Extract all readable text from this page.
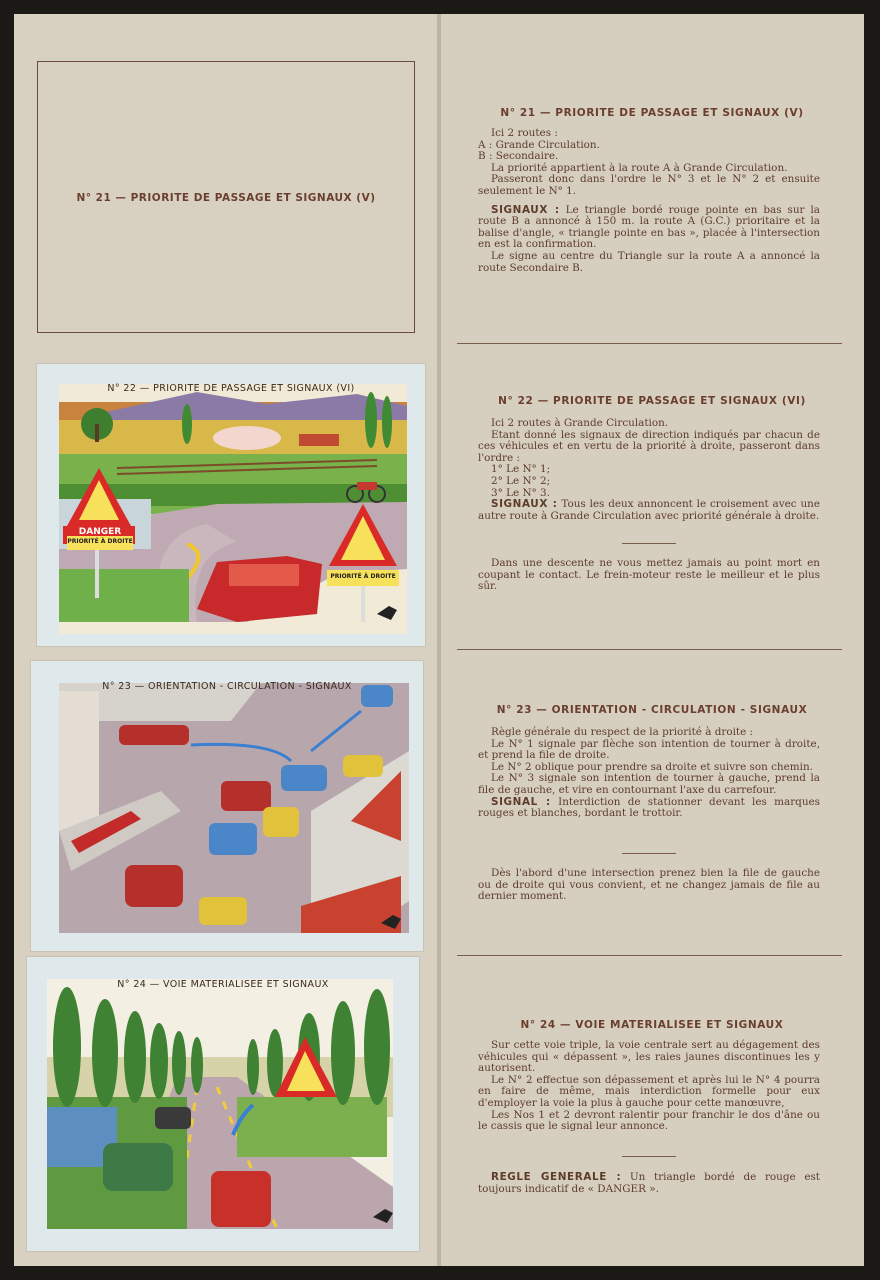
N° 21 — PRIORITE DE PASSAGE ET SIGNAUX (V)
N° 22 — PRIORITE DE PASSAGE ET SIGNAUX (VI)
DANGER
PRIORITÉ À DROITE
PRIORITÉ À DROITE
N° 23 — ORIENTATION - CIRCULATION - SIGNAUX
N° 24 — VOIE MATERIALISEE ET SIGNAUX
N° 21 — PRIORITE DE PASSAGE ET SIGNAUX (V)

Ici 2 routes :

A : Grande Circulation.

B : Secondaire.

La priorité appartient à la route A à Grande Circulation.

Passeront donc dans l'ordre le N° 3 et le N° 2 et ensuite seulement le N° 1.

SIGNAUX : Le triangle bordé rouge pointe en bas sur la route B a annoncé à 150 m. la route A (G.C.) prioritaire et la balise d'angle, « triangle pointe en bas », placée à l'intersection en est la confirmation.

Le signe au centre du Triangle sur la route A a annoncé la route Secondaire B.

N° 22 — PRIORITE DE PASSAGE ET SIGNAUX (VI)

Ici 2 routes à Grande Circulation.

Etant donné les signaux de direction indiqués par chacun de ces véhicules et en vertu de la priorité à droite, passeront dans l'ordre :

1° Le N° 1;

2° Le N° 2;

3° Le N° 3.

SIGNAUX : Tous les deux annoncent le croisement avec une autre route à Grande Circulation avec priorité générale à droite.

Dans une descente ne vous mettez jamais au point mort en coupant le contact. Le frein-moteur reste le meilleur et le plus sûr.

N° 23 — ORIENTATION - CIRCULATION - SIGNAUX

Règle générale du respect de la priorité à droite :

Le N° 1 signale par flèche son intention de tourner à droite, et prend la file de droite.

Le N° 2 oblique pour prendre sa droite et suivre son chemin.

Le N° 3 signale son intention de tourner à gauche, prend la file de gauche, et vire en contournant l'axe du carrefour.

SIGNAL : Interdiction de stationner devant les marques rouges et blanches, bordant le trottoir.

Dès l'abord d'une intersection prenez bien la file de gauche ou de droite qui vous convient, et ne changez jamais de file au dernier moment.

N° 24 — VOIE MATERIALISEE ET SIGNAUX

Sur cette voie triple, la voie centrale sert au dégagement des véhicules qui « dépassent », les raies jaunes discontinues les y autorisent.

Le N° 2 effectue son dépassement et après lui le N° 4 pourra en faire de même, mais interdiction formelle pour eux d'employer la voie la plus à gauche pour cette manœuvre,

Les Nos 1 et 2 devront ralentir pour franchir le dos d'âne ou le cassis que le signal leur annonce.

REGLE GENERALE : Un triangle bordé de rouge est toujours indicatif de « DANGER ».
